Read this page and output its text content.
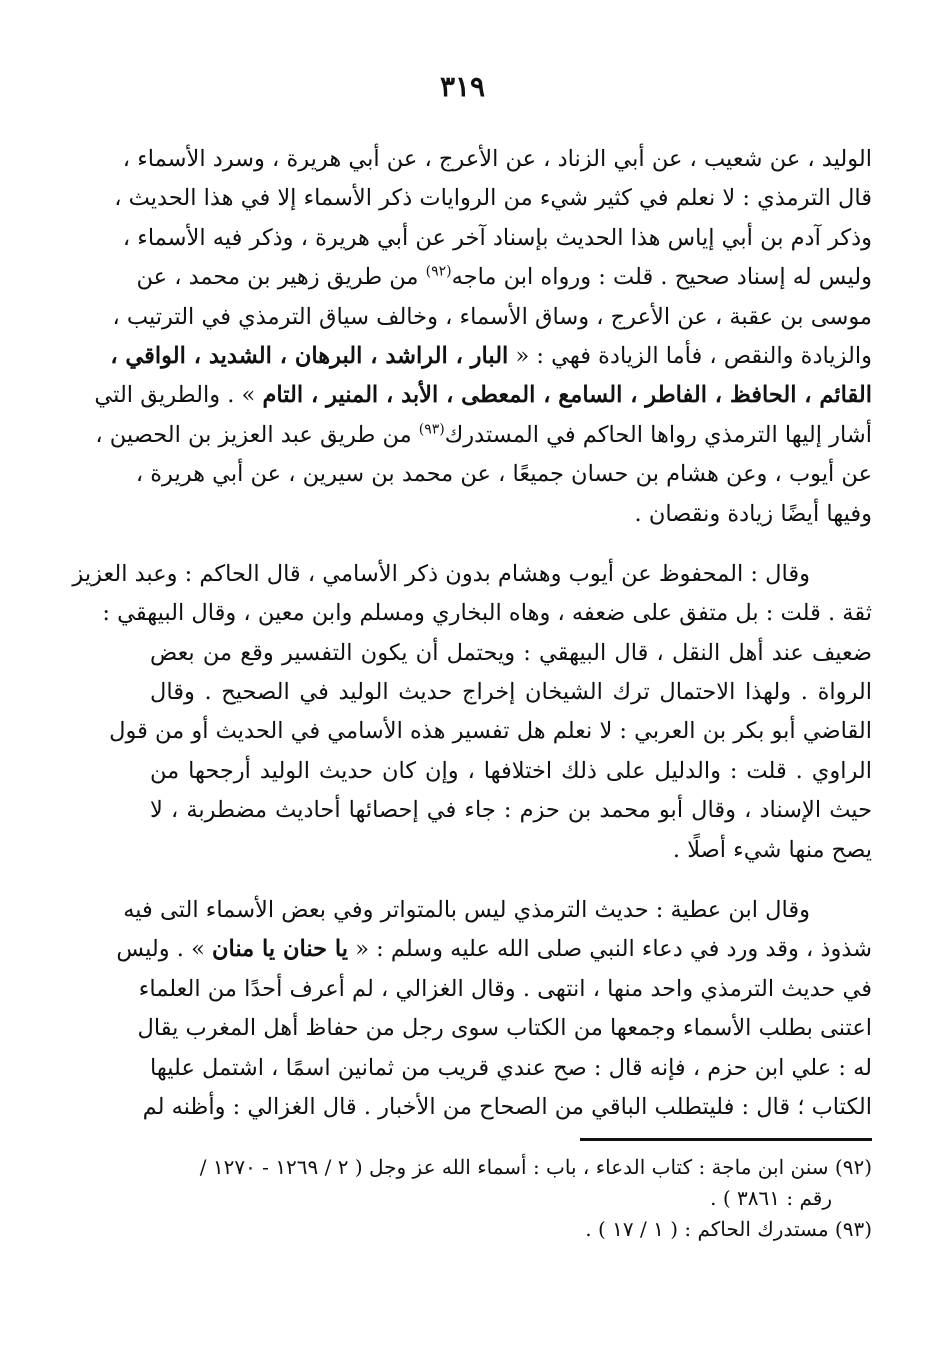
٣١٩
الوليد ، عن شعيب ، عن أبي الزناد ، عن الأعرج ، عن أبي هريرة ، وسرد الأسماء ،
قال الترمذي : لا نعلم في كثير شيء من الروايات ذكر الأسماء إلا في هذا الحديث ،
وذكر آدم بن أبي إياس هذا الحديث بإسناد آخر عن أبي هريرة ، وذكر فيه الأسماء ،
وليس له إسناد صحيح . قلت : ورواه ابن ماجه$^{(٩٢)}$ من طريق زهير بن محمد ، عن
موسى بن عقبة ، عن الأعرج ، وساق الأسماء ، وخالف سياق الترمذي في الترتيب ،
والزيادة والنقص ، فأما الزيادة فهي : « البار ، الراشد ، البرهان ، الشديد ، الواقي ،
القائم ، الحافظ ، الفاطر ، السامع ، المعطى ، الأبد ، المنير ، التام » . والطريق التي
أشار إليها الترمذي رواها الحاكم في المستدرك$^{(٩٣)}$ من طريق عبد العزيز بن الحصين ،
عن أيوب ، وعن هشام بن حسان جميعًا ، عن محمد بن سيرين ، عن أبي هريرة ،
وفيها أيضًا زيادة ونقصان .
وقال : المحفوظ عن أيوب وهشام بدون ذكر الأسامي ، قال الحاكم : وعبد العزيز
ثقة . قلت : بل متفق على ضعفه ، وهاه البخاري ومسلم وابن معين ، وقال البيهقي :
ضعيف عند أهل النقل ، قال البيهقي : ويحتمل أن يكون التفسير وقع من بعض
الرواة . ولهذا الاحتمال ترك الشيخان إخراج حديث الوليد في الصحيح . وقال
القاضي أبو بكر بن العربي : لا نعلم هل تفسير هذه الأسامي في الحديث أو من قول
الراوي . قلت : والدليل على ذلك اختلافها ، وإن كان حديث الوليد أرجحها من
حيث الإسناد ، وقال أبو محمد بن حزم : جاء في إحصائها أحاديث مضطربة ، لا
يصح منها شيء أصلًا .
وقال ابن عطية : حديث الترمذي ليس بالمتواتر وفي بعض الأسماء التى فيه
شذوذ ، وقد ورد في دعاء النبي صلى الله عليه وسلم : « يا حنان يا منان » . وليس
في حديث الترمذي واحد منها ، انتهى . وقال الغزالي ، لم أعرف أحدًا من العلماء
اعتنى بطلب الأسماء وجمعها من الكتاب سوى رجل من حفاظ أهل المغرب يقال
له : علي ابن حزم ، فإنه قال : صح عندي قريب من ثمانين اسمًا ، اشتمل عليها
الكتاب ؛ قال : فليتطلب الباقي من الصحاح من الأخبار . قال الغزالي : وأظنه لم
(٩٢) سنن ابن ماجة : كتاب الدعاء ، باب : أسماء الله عز وجل ( ٢ / ١٢٦٩ - ١٢٧٠ /
رقم : ٣٨٦١ ) .
(٩٣) مستدرك الحاكم : ( ١ / ١٧ ) .
